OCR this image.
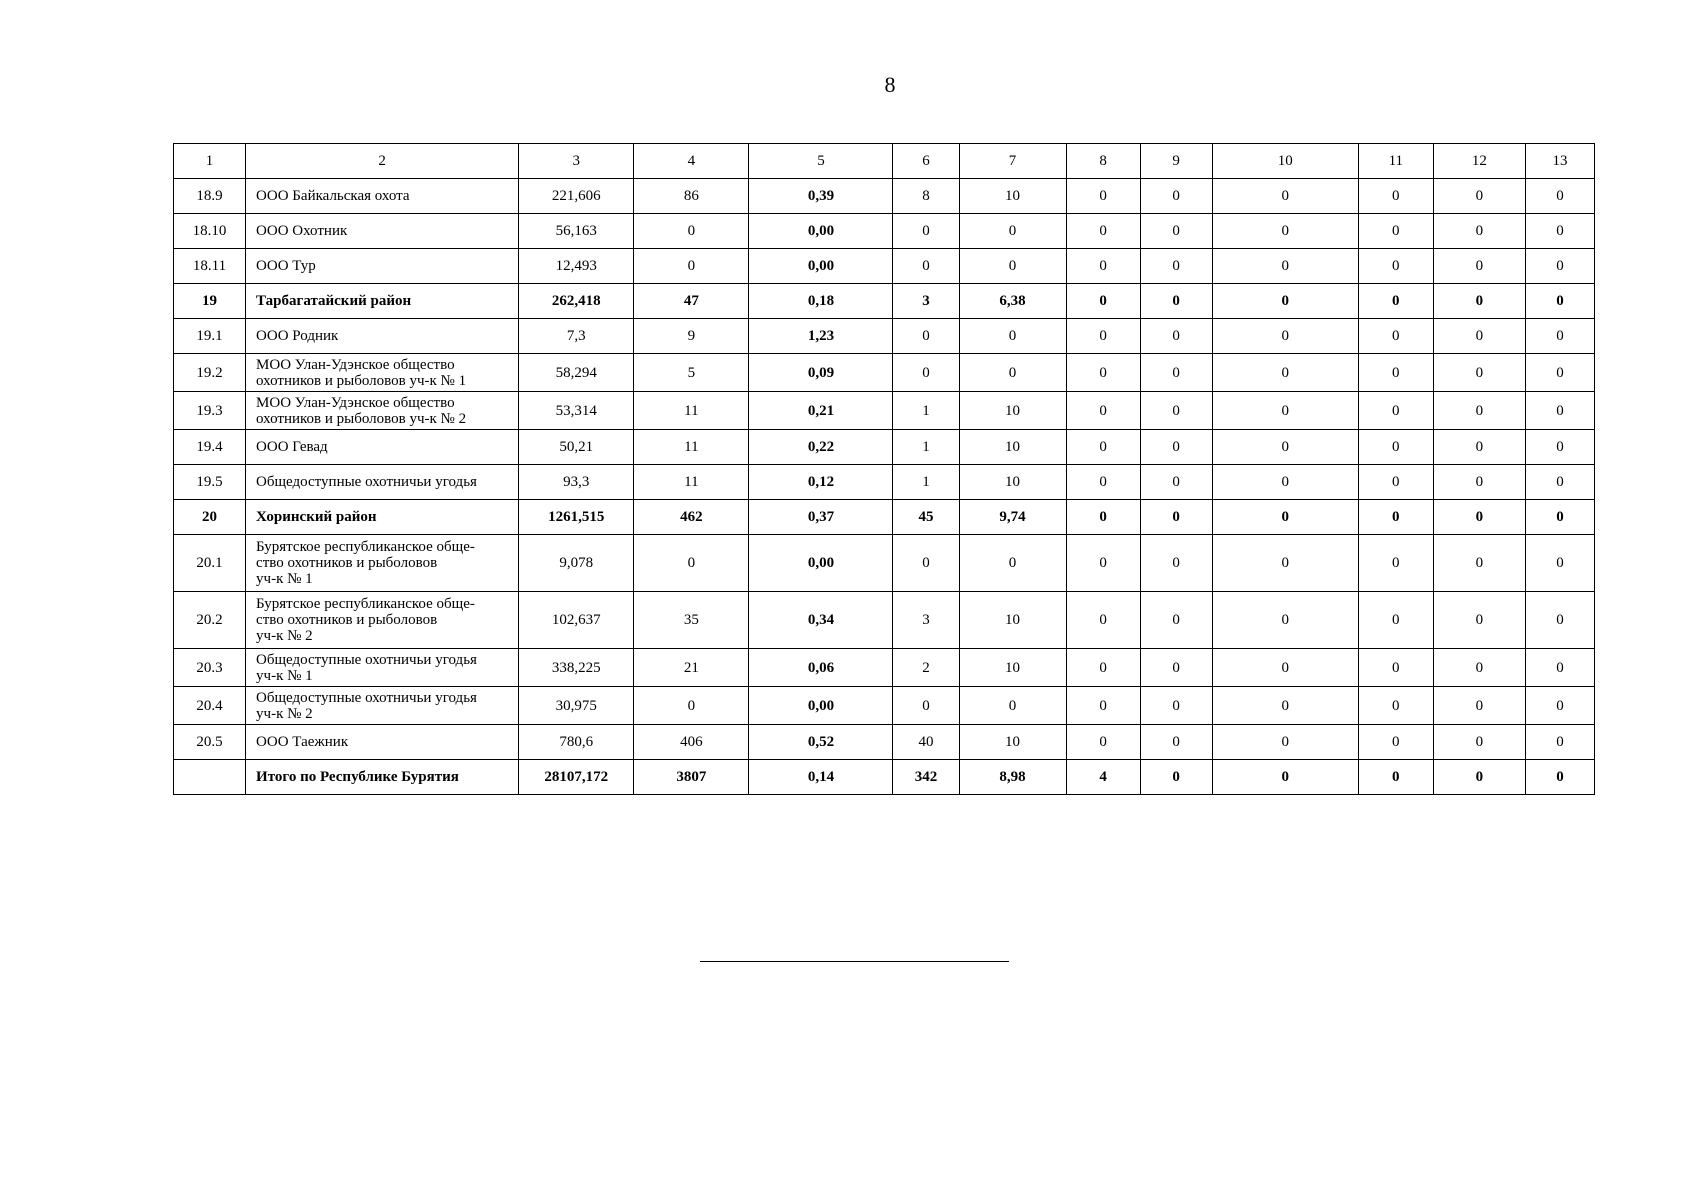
8
1	2	3	4	5	6	7	8	9	10	11	12	13
18.9	ООО Байкальская охота	221,606	86	0,39	8	10	0	0	0	0	0	0
18.10	ООО Охотник	56,163	0	0,00	0	0	0	0	0	0	0	0
18.11	ООО Тур	12,493	0	0,00	0	0	0	0	0	0	0	0
19	Тарбагатайский район	262,418	47	0,18	3	6,38	0	0	0	0	0	0
19.1	ООО Родник	7,3	9	1,23	0	0	0	0	0	0	0	0
19.2	МОО Улан-Удэнское общество
охотников и рыболовов уч-к № 1	58,294	5	0,09	0	0	0	0	0	0	0	0
19.3	МОО Улан-Удэнское общество
охотников и рыболовов уч-к № 2	53,314	11	0,21	1	10	0	0	0	0	0	0
19.4	ООО Гевад	50,21	11	0,22	1	10	0	0	0	0	0	0
19.5	Общедоступные охотничьи угодья	93,3	11	0,12	1	10	0	0	0	0	0	0
20	Хоринский район	1261,515	462	0,37	45	9,74	0	0	0	0	0	0
20.1	Бурятское республиканское обще-
ство охотников и рыболовов
уч-к № 1	9,078	0	0,00	0	0	0	0	0	0	0	0
20.2	Бурятское республиканское обще-
ство охотников и рыболовов
уч-к № 2	102,637	35	0,34	3	10	0	0	0	0	0	0
20.3	Общедоступные охотничьи угодья
уч-к № 1	338,225	21	0,06	2	10	0	0	0	0	0	0
20.4	Общедоступные охотничьи угодья
уч-к № 2	30,975	0	0,00	0	0	0	0	0	0	0	0
20.5	ООО Таежник	780,6	406	0,52	40	10	0	0	0	0	0	0
	Итого по Республике Бурятия	28107,172	3807	0,14	342	8,98	4	0	0	0	0	0
